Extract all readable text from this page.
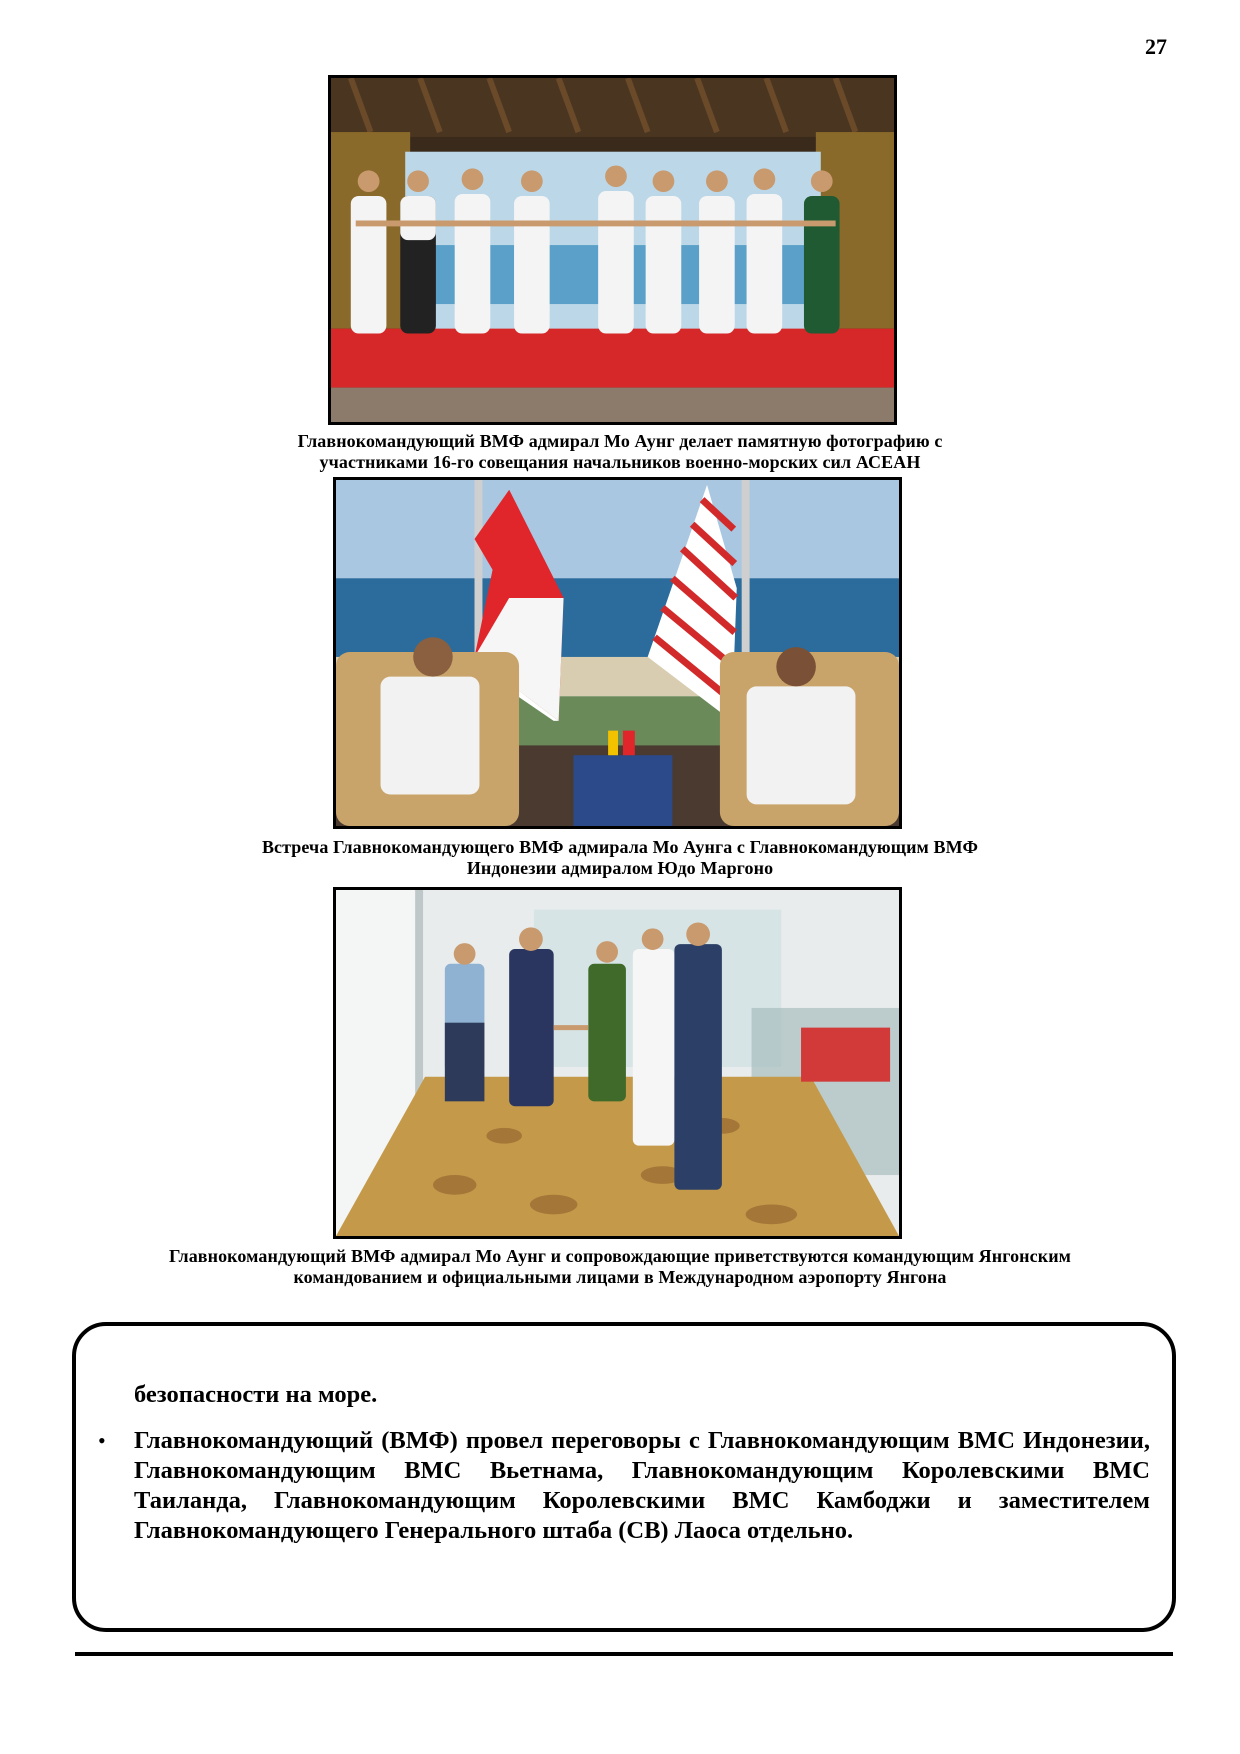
27
Главнокомандующий ВМФ адмирал Мо Аунг делает памятную фотографию с
участниками 16-го совещания начальников военно-морских сил АСЕАН
Встреча Главнокомандующего ВМФ адмирала Мо Аунга с Главнокомандующим ВМФ
Индонезии адмиралом Юдо Маргоно
Главнокомандующий ВМФ адмирал Мо Аунг и сопровождающие приветствуются командующим Янгонским
командованием и официальными лицами в Международном аэропорту Янгона
безопасности на море.
• Главнокомандующий (ВМФ) провел переговоры с Главнокомандующим ВМС Индонезии, Главнокомандующим ВМС Вьетнама, Главнокомандующим Королевскими ВМС Таиланда, Главнокомандующим Королевскими ВМС Камбоджи и заместителем Главнокомандующего Генерального штаба (СВ) Лаоса отдельно.
